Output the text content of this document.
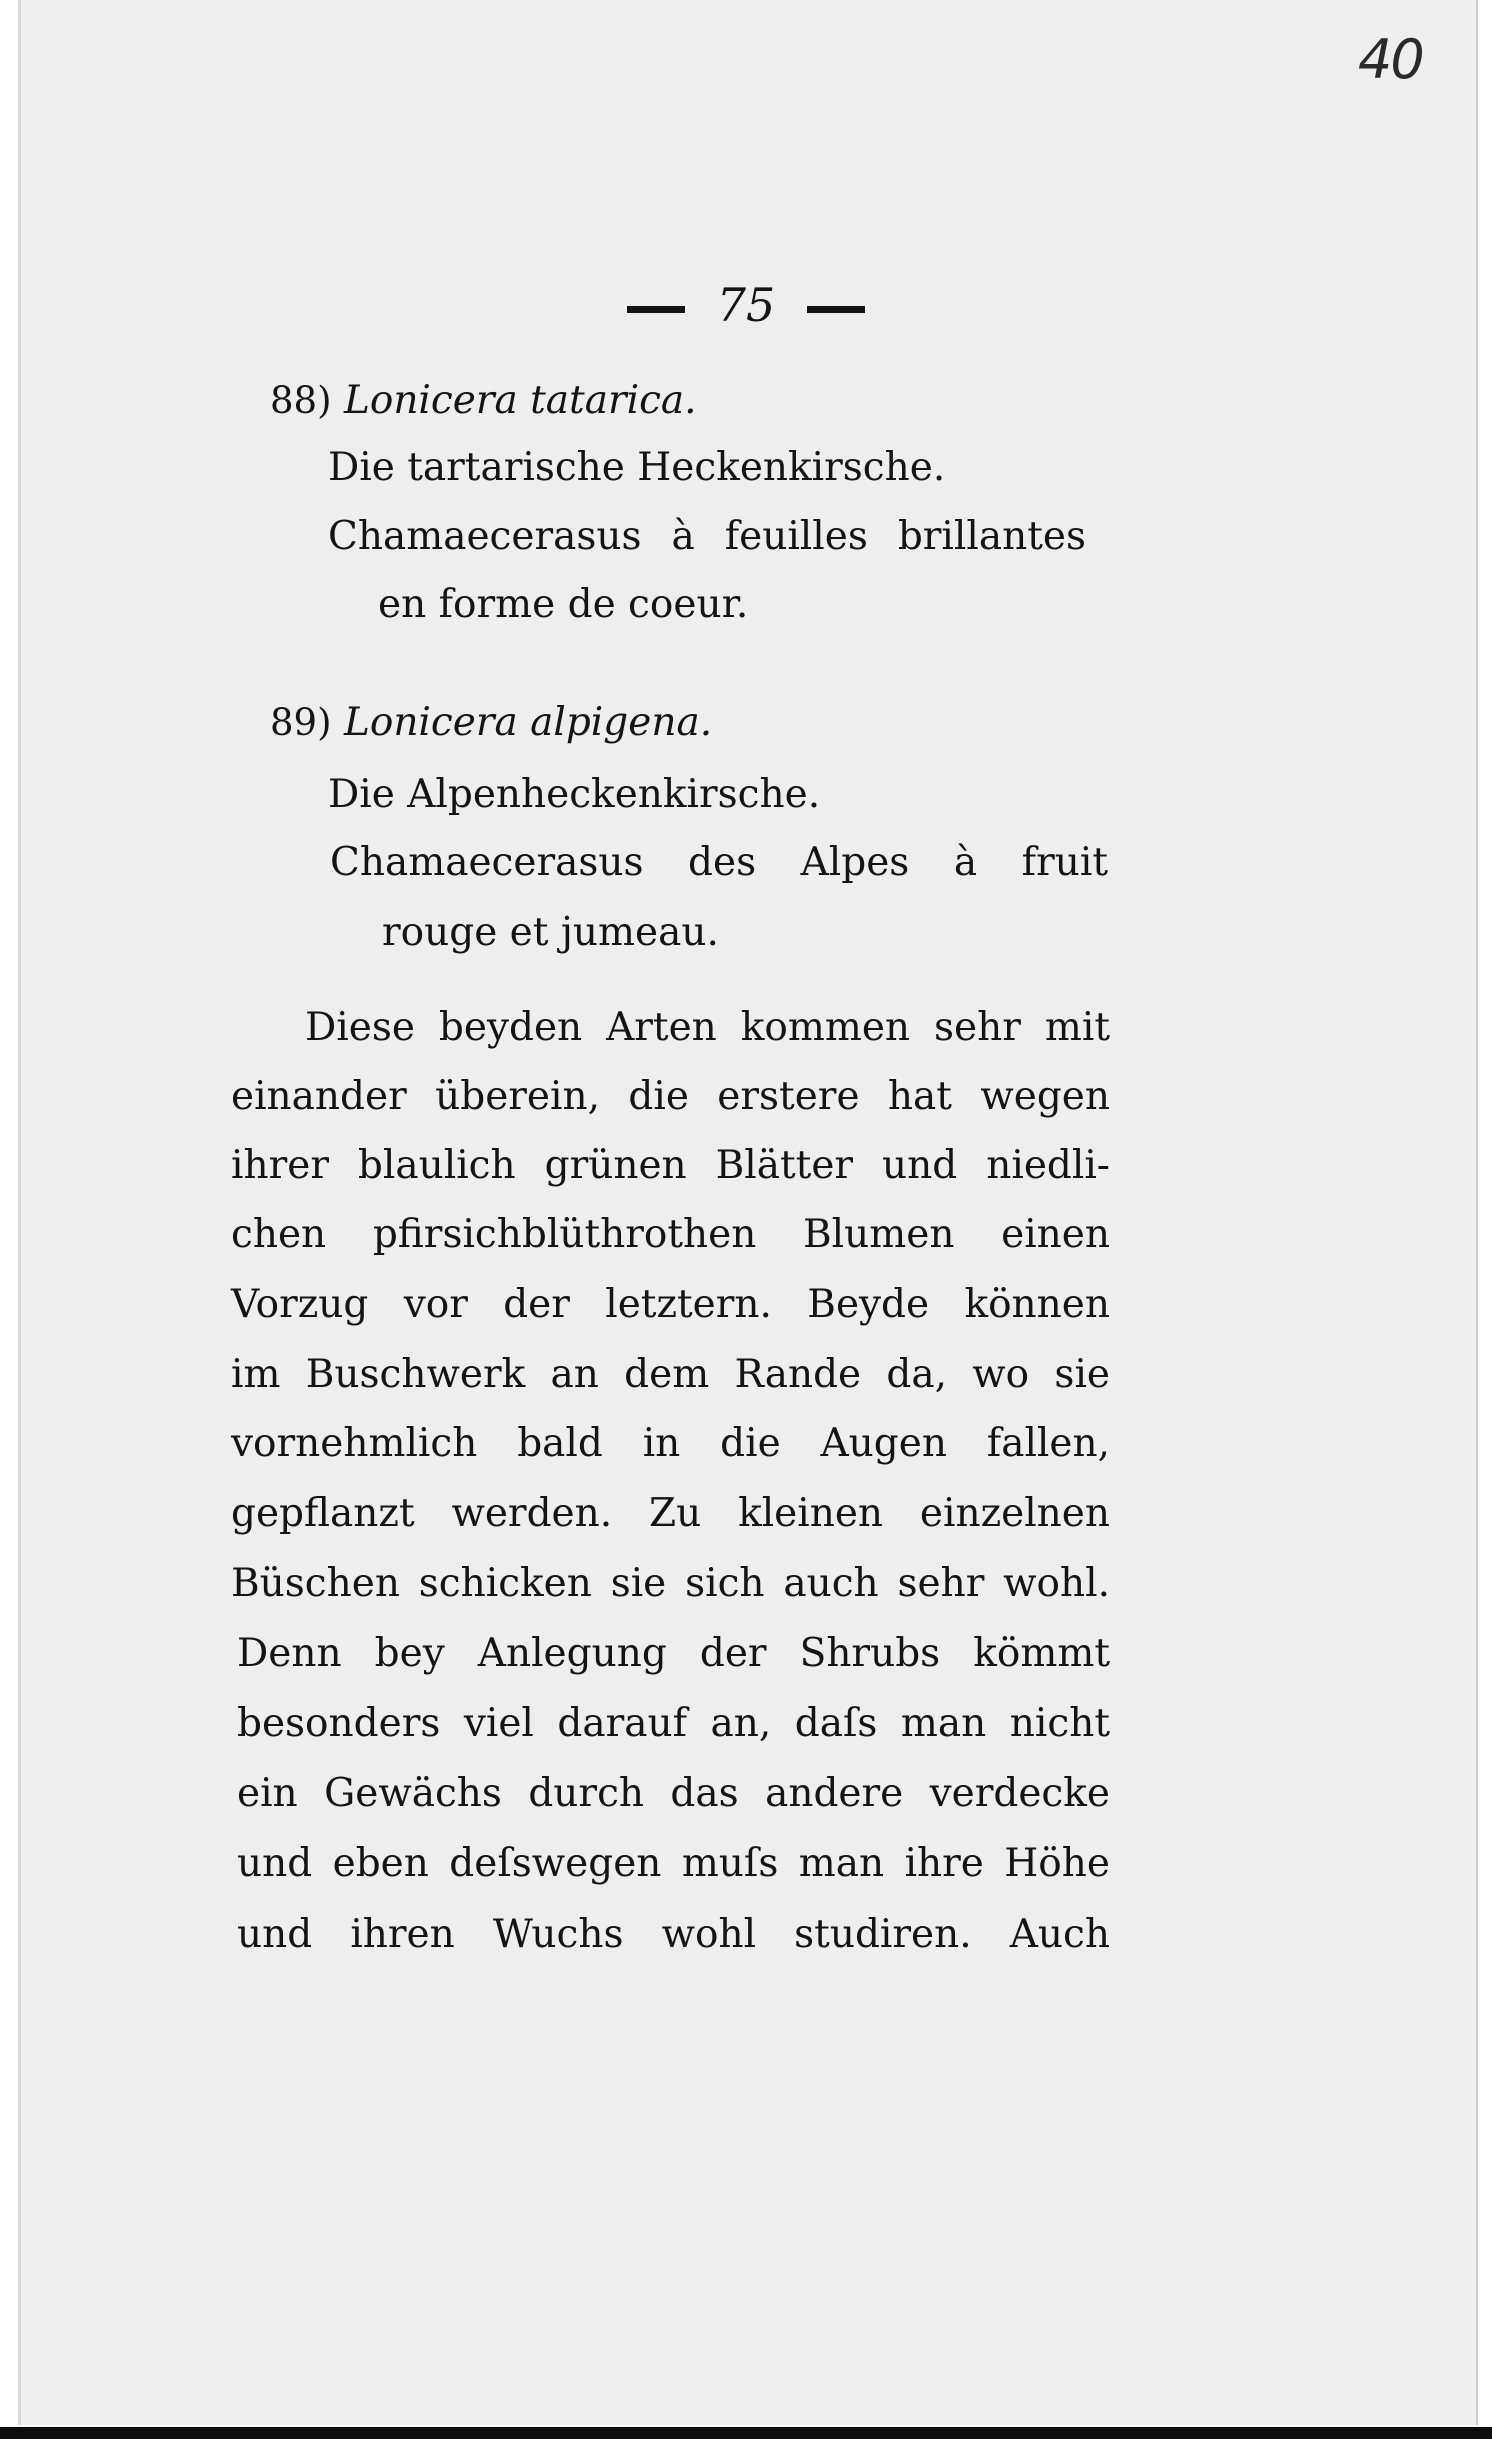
40
75
88) Lonicera tatarica.
Die tartarische Heckenkirsche.
Chamaecerasus à feuilles brillantes
en forme de coeur.
89) Lonicera alpigena.
Die Alpenheckenkirsche.
Chamaecerasus des Alpes à fruit
rouge et jumeau.
Diese beyden Arten kommen sehr mit
einander überein, die erstere hat wegen
ihrer blaulich grünen Blätter und niedli-
chen pfirsichblüthrothen Blumen einen
Vorzug vor der letztern. Beyde können
im Buschwerk an dem Rande da, wo sie
vornehmlich bald in die Augen fallen,
gepflanzt werden. Zu kleinen einzelnen
Büschen schicken sie sich auch sehr wohl.
Denn bey Anlegung der Shrubs kömmt
besonders viel darauf an, daſs man nicht
ein Gewächs durch das andere verdecke
und eben deſswegen muſs man ihre Höhe
und ihren Wuchs wohl studiren. Auch
